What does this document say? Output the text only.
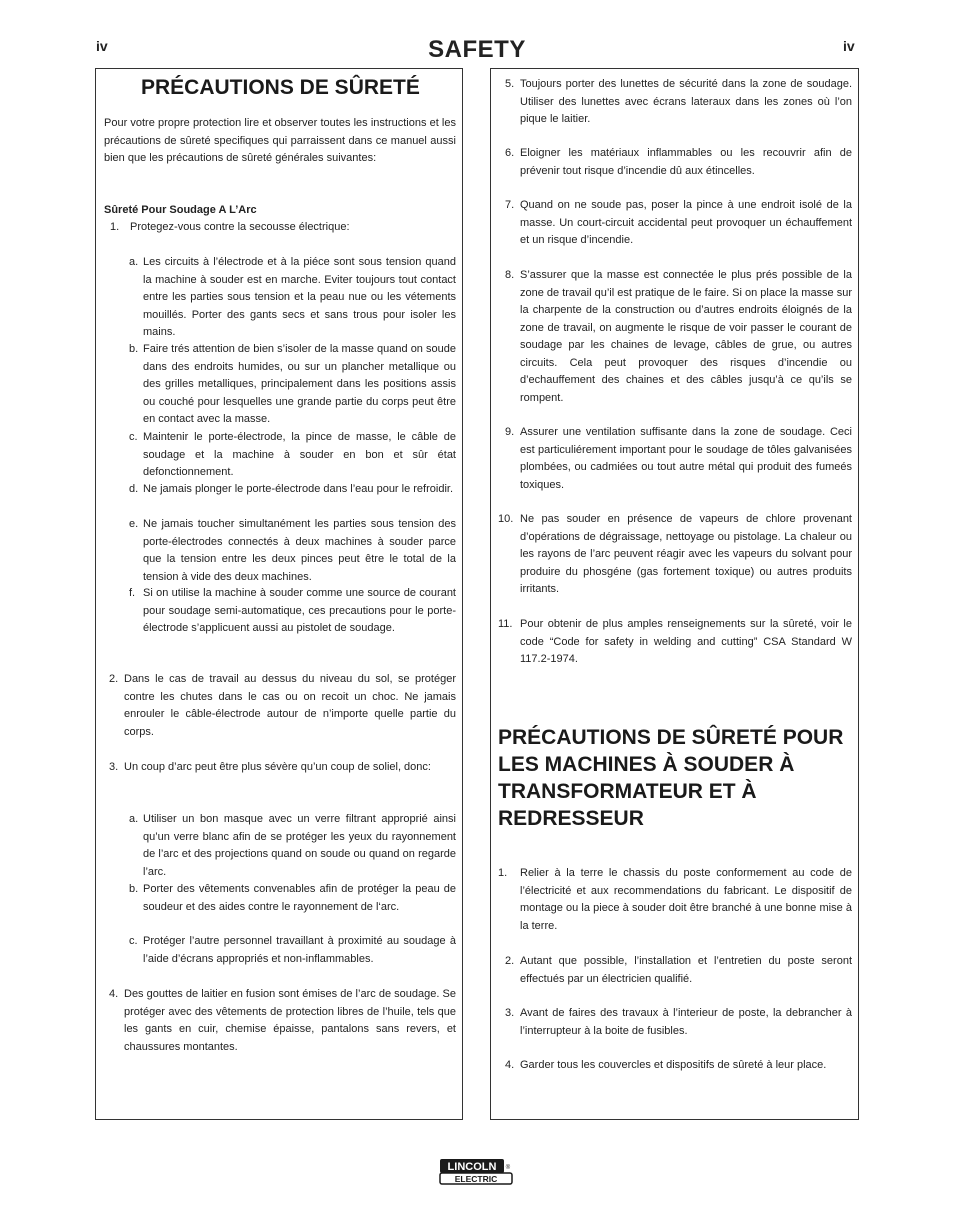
iv	iv
SAFETY
PRÉCAUTIONS DE SÛRETÉ
Pour votre propre protection lire et observer toutes les instructions et les précautions de sûreté specifiques qui parraissent dans ce manuel aussi bien que les précautions de sûreté générales suivantes:
Sûreté Pour Soudage A L’Arc
1. Protegez-vous contre la secousse électrique:
a. Les circuits à l’électrode et à la piéce sont sous tension quand la machine à souder est en marche. Eviter toujours tout contact entre les parties sous tension et la peau nue ou les vétements mouillés. Porter des gants secs et sans trous pour isoler les mains.
b. Faire trés attention de bien s’isoler de la masse quand on soude dans des endroits humides, ou sur un plancher metallique ou des grilles metalliques, principalement dans les positions assis ou couché pour lesquelles une grande partie du corps peut être en contact avec la masse.
c. Maintenir le porte-électrode, la pince de masse, le câble de soudage et la machine à souder en bon et sûr état defonctionnement.
d. Ne jamais plonger le porte-électrode dans l’eau pour le refroidir.
e. Ne jamais toucher simultanément les parties sous tension des porte-électrodes connectés à deux machines à souder parce que la tension entre les deux pinces peut être le total de la tension à vide des deux machines.
f. Si on utilise la machine à souder comme une source de courant pour soudage semi-automatique, ces precautions pour le porte-électrode s’applicuent aussi au pistolet de soudage.
2. Dans le cas de travail au dessus du niveau du sol, se protéger contre les chutes dans le cas ou on recoit un choc. Ne jamais enrouler le câble-électrode autour de n’importe quelle partie du corps.
3. Un coup d’arc peut être plus sévère qu’un coup de soliel, donc:
a. Utiliser un bon masque avec un verre filtrant approprié ainsi qu’un verre blanc afin de se protéger les yeux du rayonnement de l’arc et des projections quand on soude ou quand on regarde l’arc.
b. Porter des vêtements convenables afin de protéger la peau de soudeur et des aides contre le rayonnement de l‘arc.
c. Protéger l’autre personnel travaillant à proximité au soudage à l’aide d’écrans appropriés et non-inflammables.
4. Des gouttes de laitier en fusion sont émises de l’arc de soudage. Se protéger avec des vêtements de protection libres de l’huile, tels que les gants en cuir, chemise épaisse, pantalons sans revers, et chaussures montantes.
5. Toujours porter des lunettes de sécurité dans la zone de soudage. Utiliser des lunettes avec écrans lateraux dans les zones où l’on pique le laitier.
6. Eloigner les matériaux inflammables ou les recouvrir afin de prévenir tout risque d’incendie dû aux étincelles.
7. Quand on ne soude pas, poser la pince à une endroit isolé de la masse. Un court-circuit accidental peut provoquer un échauffement et un risque d’incendie.
8. S’assurer que la masse est connectée le plus prés possible de la zone de travail qu’il est pratique de le faire. Si on place la masse sur la charpente de la construction ou d’autres endroits éloignés de la zone de travail, on augmente le risque de voir passer le courant de soudage par les chaines de levage, câbles de grue, ou autres circuits. Cela peut provoquer des risques d’incendie ou d’echauffement des chaines et des câbles jusqu’à ce qu’ils se rompent.
9. Assurer une ventilation suffisante dans la zone de soudage. Ceci est particuliérement important pour le soudage de tôles galvanisées plombées, ou cadmiées ou tout autre métal qui produit des fumeés toxiques.
10. Ne pas souder en présence de vapeurs de chlore provenant d’opérations de dégraissage, nettoyage ou pistolage. La chaleur ou les rayons de l’arc peuvent réagir avec les vapeurs du solvant pour produire du phosgéne (gas fortement toxique) ou autres produits irritants.
11. Pour obtenir de plus amples renseignements sur la sûreté, voir le code “Code for safety in welding and cutting” CSA Standard W 117.2-1974.
PRÉCAUTIONS DE SÛRETÉ POUR LES MACHINES À SOUDER À TRANSFORMATEUR ET À REDRESSEUR
1. Relier à la terre le chassis du poste conformement au code de l’électricité et aux recommendations du fabricant. Le dispositif de montage ou la piece à souder doit être branché à une bonne mise à la terre.
2. Autant que possible, l’installation et l’entretien du poste seront effectués par un électricien qualifié.
3. Avant de faires des travaux à l’interieur de poste, la debrancher à l’interrupteur à la boite de fusibles.
4. Garder tous les couvercles et dispositifs de sûreté à leur place.
LINCOLN ®
ELECTRIC
